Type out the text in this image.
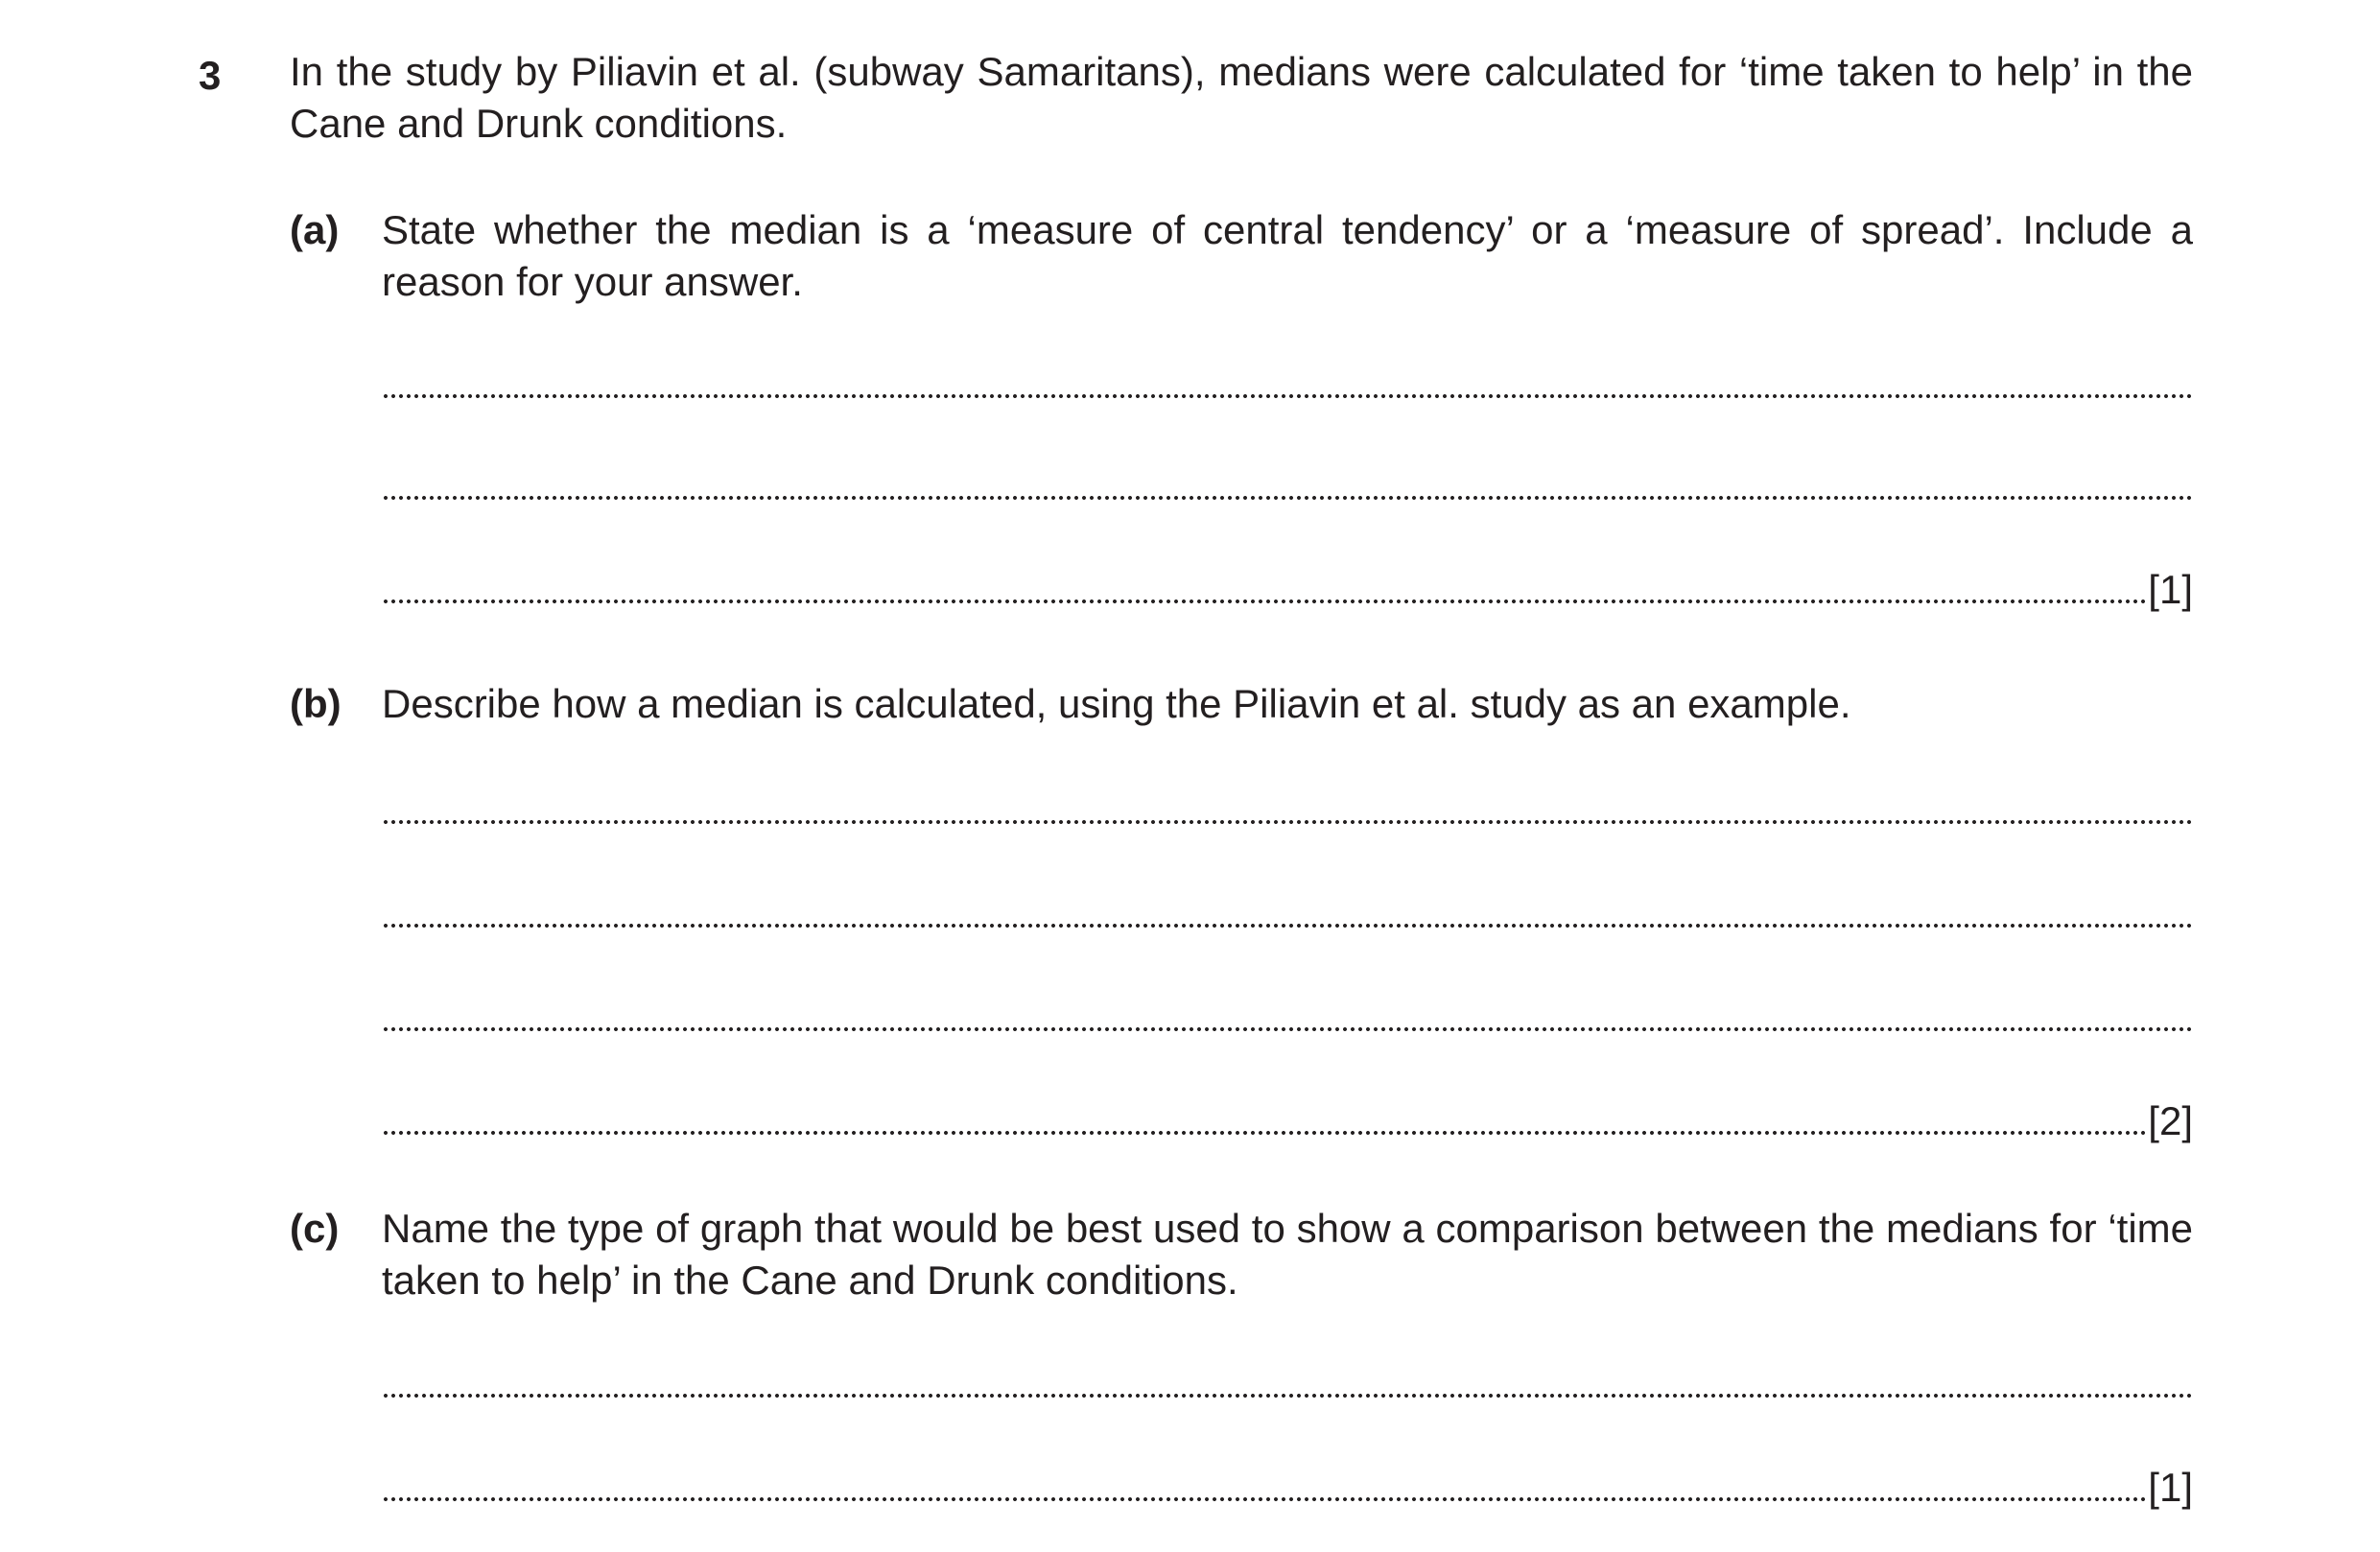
3 In the study by Piliavin et al. (subway Samaritans), medians were calculated for ‘time taken to help’ in the Cane and Drunk conditions.
(a) State whether the median is a ‘measure of central tendency’ or a ‘measure of spread’. Include a reason for your answer.
[1]
(b) Describe how a median is calculated, using the Piliavin et al. study as an example.
[2]
(c) Name the type of graph that would be best used to show a comparison between the medians for ‘time taken to help’ in the Cane and Drunk conditions.
[1]
